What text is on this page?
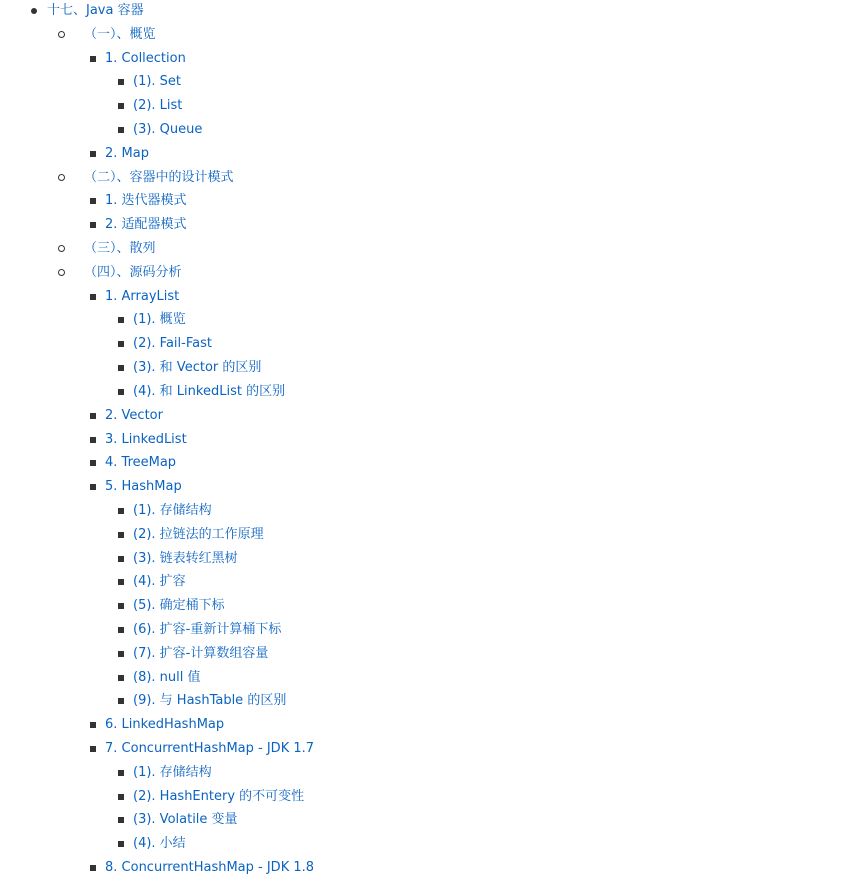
十七、Java 容器
（一）、概览
1. Collection
(1). Set
(2). List
(3). Queue
2. Map
（二）、容器中的设计模式
1. 迭代器模式
2. 适配器模式
（三）、散列
（四）、源码分析
1. ArrayList
(1). 概览
(2). Fail-Fast
(3). 和 Vector 的区别
(4). 和 LinkedList 的区别
2. Vector
3. LinkedList
4. TreeMap
5. HashMap
(1). 存储结构
(2). 拉链法的工作原理
(3). 链表转红黑树
(4). 扩容
(5). 确定桶下标
(6). 扩容-重新计算桶下标
(7). 扩容-计算数组容量
(8). null 值
(9). 与 HashTable 的区别
6. LinkedHashMap
7. ConcurrentHashMap - JDK 1.7
(1). 存储结构
(2). HashEntery 的不可变性
(3). Volatile 变量
(4). 小结
8. ConcurrentHashMap - JDK 1.8
